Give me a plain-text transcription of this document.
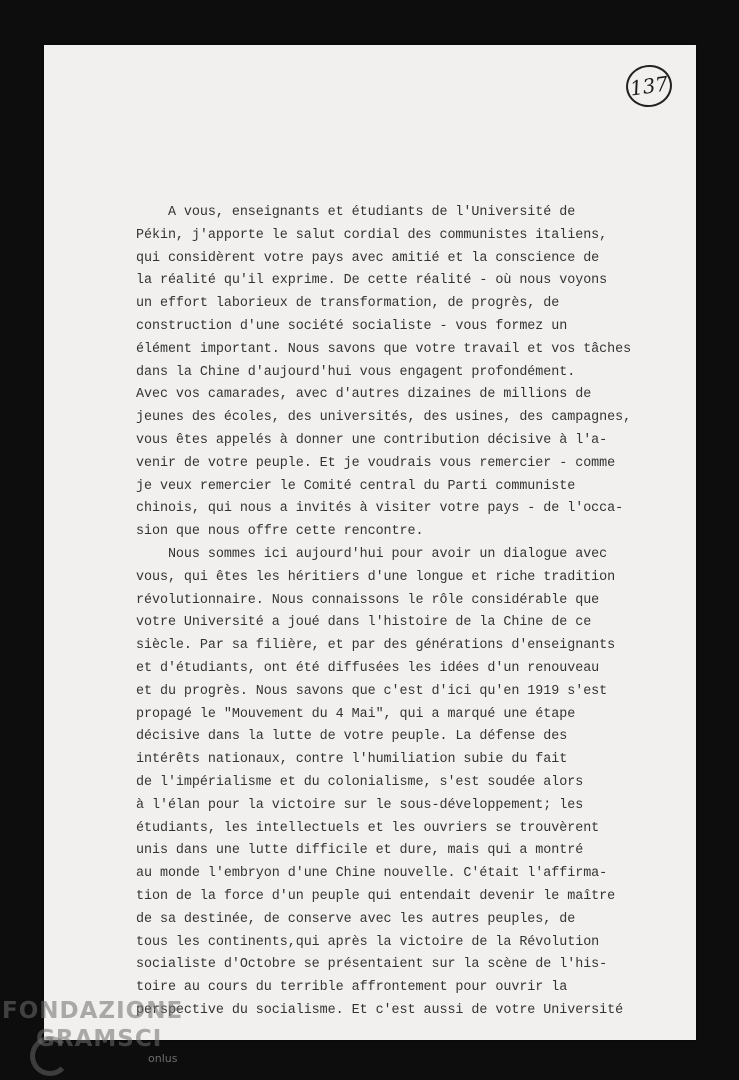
137
A vous, enseignants et étudiants de l'Université de
Pékin, j'apporte le salut cordial des communistes italiens,
qui considèrent votre pays avec amitié et la conscience de
la réalité qu'il exprime. De cette réalité - où nous voyons
un effort laborieux de transformation, de progrès, de
construction d'une société socialiste - vous formez un
élément important. Nous savons que votre travail et vos tâches
dans la Chine d'aujourd'hui vous engagent profondément.
Avec vos camarades, avec d'autres dizaines de millions de
jeunes des écoles, des universités, des usines, des campagnes,
vous êtes appelés à donner une contribution décisive à l'a-
venir de votre peuple. Et je voudrais vous remercier - comme
je veux remercier le Comité central du Parti communiste
chinois, qui nous a invités à visiter votre pays - de l'occa-
sion que nous offre cette rencontre.
Nous sommes ici aujourd'hui pour avoir un dialogue avec
vous, qui êtes les héritiers d'une longue et riche tradition
révolutionnaire. Nous connaissons le rôle considérable que
votre Université a joué dans l'histoire de la Chine de ce
siècle. Par sa filière, et par des générations d'enseignants
et d'étudiants, ont été diffusées les idées d'un renouveau
et du progrès. Nous savons que c'est d'ici qu'en 1919 s'est
propagé le "Mouvement du 4 Mai", qui a marqué une étape
décisive dans la lutte de votre peuple. La défense des
intérêts nationaux, contre l'humiliation subie du fait
de l'impérialisme et du colonialisme, s'est soudée alors
à l'élan pour la victoire sur le sous-développement; les
étudiants, les intellectuels et les ouvriers se trouvèrent
unis dans une lutte difficile et dure, mais qui a montré
au monde l'embryon d'une Chine nouvelle. C'était l'affirma-
tion de la force d'un peuple qui entendait devenir le maître
de sa destinée, de conserve avec les autres peuples, de
tous les continents,qui après la victoire de la Révolution
socialiste d'Octobre se présentaient sur la scène de l'his-
toire au cours du terrible affrontement pour ouvrir la
perspective du socialisme. Et c'est aussi de votre Université
FONDAZIONE
GRAMSCI
onlus
